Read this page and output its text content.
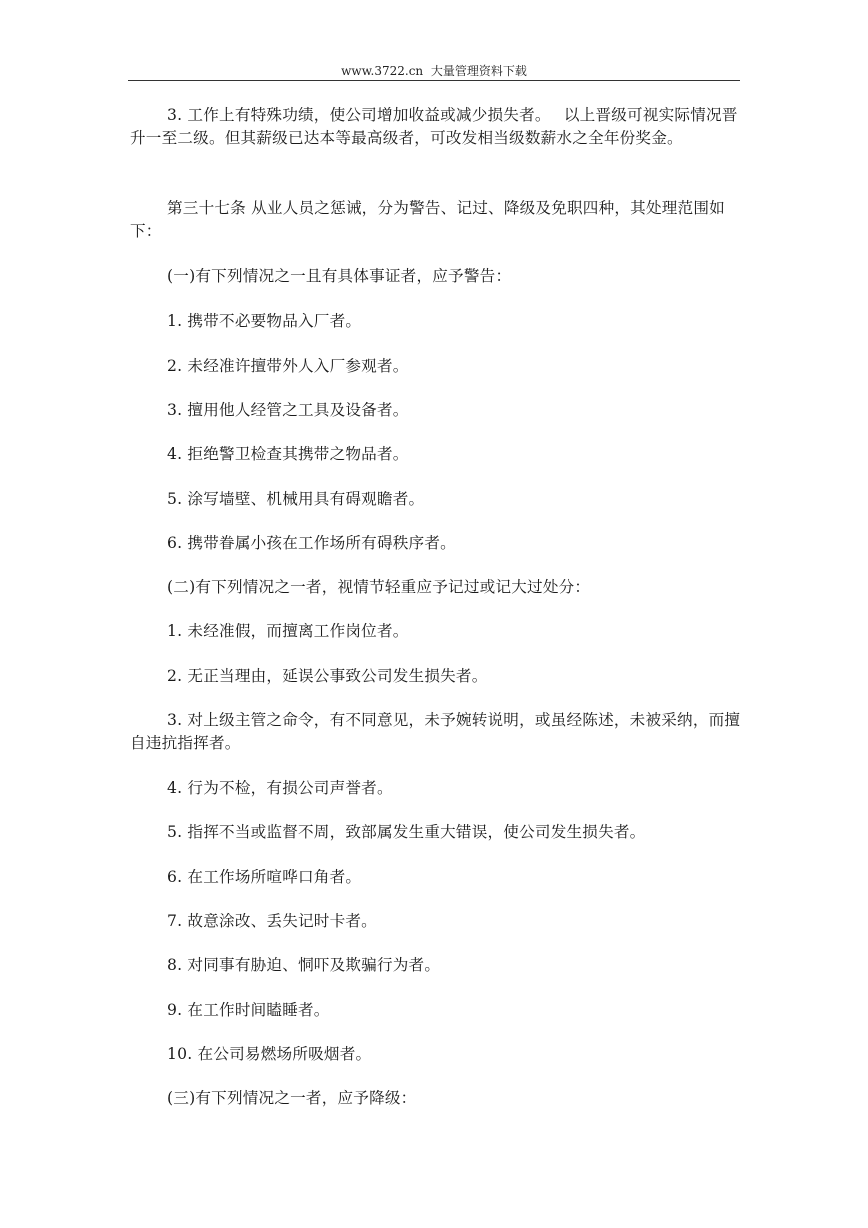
www.3722.cn 大量管理资料下载
3. 工作上有特殊功绩，使公司增加收益或减少损失者。　 以上晋级可视实际情况晋升一至二级。但其薪级已达本等最高级者，可改发相当级数薪水之全年份奖金。
第三十七条 从业人员之惩诫，分为警告、记过、降级及免职四种，其处理范围如下：
(一)有下列情况之一且有具体事证者，应予警告：
1. 携带不必要物品入厂者。
2. 未经准许擅带外人入厂参观者。
3. 擅用他人经管之工具及设备者。
4. 拒绝警卫检查其携带之物品者。
5. 涂写墙壁、机械用具有碍观瞻者。
6. 携带眷属小孩在工作场所有碍秩序者。
(二)有下列情况之一者，视情节轻重应予记过或记大过处分：
1. 未经准假，而擅离工作岗位者。
2. 无正当理由，延误公事致公司发生损失者。
3. 对上级主管之命令，有不同意见，未予婉转说明，或虽经陈述，未被采纳，而擅自违抗指挥者。
4. 行为不检，有损公司声誉者。
5. 指挥不当或监督不周，致部属发生重大错误，使公司发生损失者。
6. 在工作场所喧哗口角者。
7. 故意涂改、丢失记时卡者。
8. 对同事有胁迫、恫吓及欺骗行为者。
9. 在工作时间瞌睡者。
10. 在公司易燃场所吸烟者。
(三)有下列情况之一者，应予降级：
